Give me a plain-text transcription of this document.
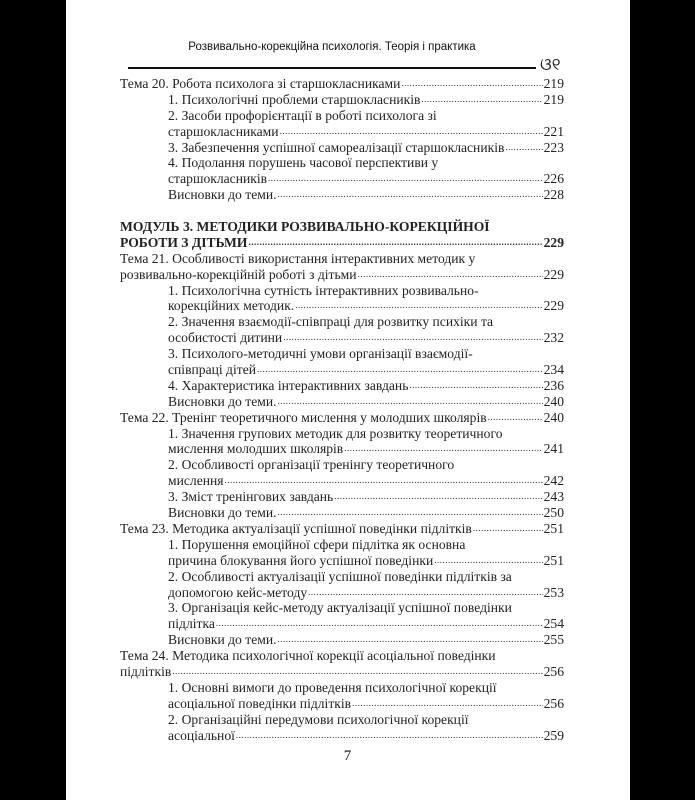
Розвивально-корекційна психологія. Теорія і практика
ଓ୧
Тема 20. Робота психолога зі старшокласниками .....	219
1. Психологічні проблеми старшокласників .....	219
2. Засоби профорієнтації в роботі психолога зі
старшокласниками .....	221
3. Забезпечення успішної самореалізації старшокласників .....	223
4. Подолання порушень часової перспективи у
старшокласників .....	226
Висновки до теми. .....	228
МОДУЛЬ 3. МЕТОДИКИ РОЗВИВАЛЬНО-КОРЕКЦІЙНОЇ
РОБОТИ З ДІТЬМИ .....	229
Тема 21. Особливості використання інтерактивних методик у
розвивально-корекційній роботі з дітьми .....	229
1. Психологічна сутність інтерактивних розвивально-
корекційних методик. .....	229
2. Значення взаємодії-співпраці для розвитку психіки та
особистості дитини .....	232
3. Психолого-методичні умови організації взаємодії-
співпраці дітей .....	234
4. Характеристика інтерактивних завдань .....	236
Висновки до теми. .....	240
Тема 22. Тренінг теоретичного мислення у молодших школярів .....	240
1. Значення групових методик для розвитку теоретичного
мислення молодших школярів .....	241
2. Особливості організації тренінгу теоретичного
мислення .....	242
3. Зміст тренінгових завдань .....	243
Висновки до теми. .....	250
Тема 23. Методика актуалізації успішної поведінки підлітків .....	251
1. Порушення емоційної сфери підлітка як основна
причина блокування його успішної поведінки .....	251
2. Особливості актуалізації успішної поведінки підлітків за
допомогою кейс-методу .....	253
3. Організація кейс-методу актуалізації успішної поведінки
підлітка .....	254
Висновки до теми. .....	255
Тема 24. Методика психологічної корекції асоціальної поведінки
підлітків .....	256
1. Основні вимоги до проведення психологічної корекції
асоціальної поведінки підлітків .....	256
2. Організаційні передумови психологічної корекції
асоціальної .....	259
7
